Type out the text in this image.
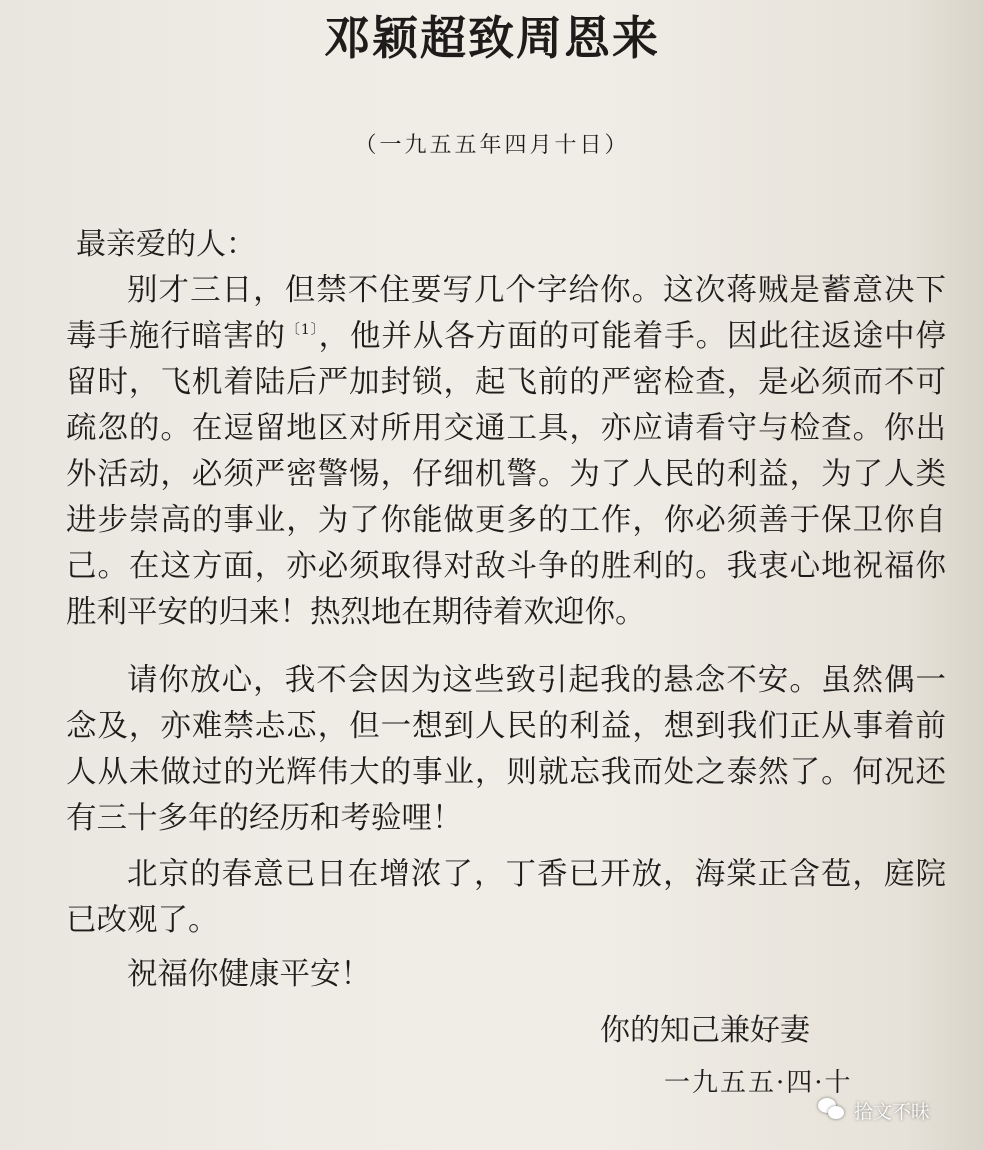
邓颖超致周恩来
（一九五五年四月十日）
最亲爱的人：

别才三日，但禁不住要写几个字给你。这次蒋贼是蓄意决下毒手施行暗害的$^{〔1〕}$，他并从各方面的可能着手。因此往返途中停留时，飞机着陆后严加封锁，起飞前的严密检查，是必须而不可疏忽的。在逗留地区对所用交通工具，亦应请看守与检查。你出外活动，必须严密警惕，仔细机警。为了人民的利益，为了人类进步崇高的事业，为了你能做更多的工作，你必须善于保卫你自己。在这方面，亦必须取得对敌斗争的胜利的。我衷心地祝福你胜利平安的归来！热烈地在期待着欢迎你。

请你放心，我不会因为这些致引起我的悬念不安。虽然偶一念及，亦难禁忐忑，但一想到人民的利益，想到我们正从事着前人从未做过的光辉伟大的事业，则就忘我而处之泰然了。何况还有三十多年的经历和考验哩！

北京的春意已日在增浓了，丁香已开放，海棠正含苞，庭院已改观了。

祝福你健康平安！

你的知己兼好妻
一九五五·四·十
拾文不昧
